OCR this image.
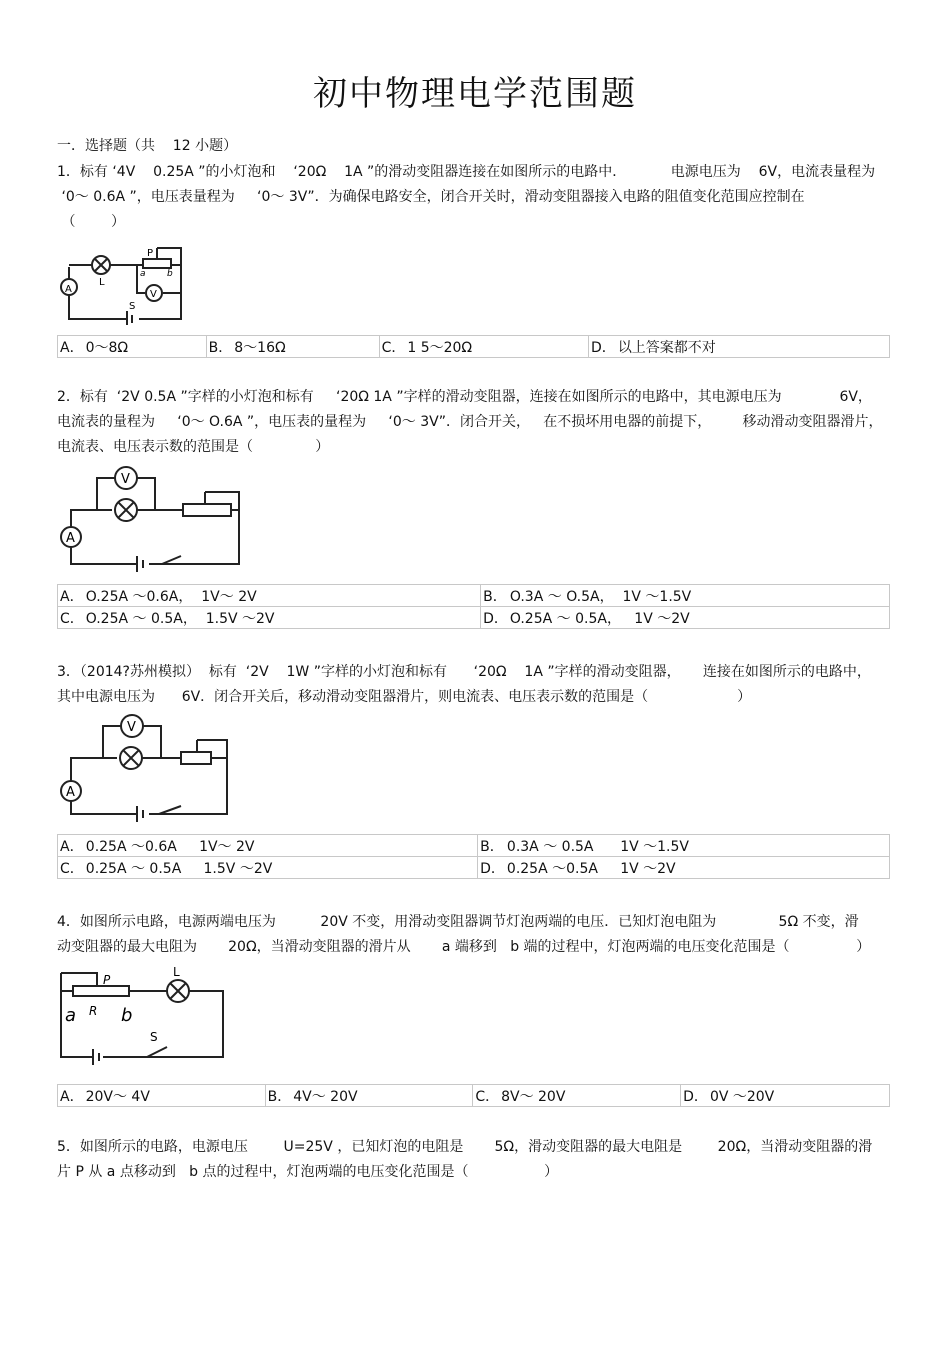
初中物理电学范围题
一．选择题（共    12 小题）

1．标有 ‘4V    0.25A ”的小灯泡和    ‘20Ω    1A ”的滑动变阻器连接在如图所示的电路中．          电源电压为    6V，电流表量程为

‘0～ 0.6A ”，电压表量程为     ‘0～ 3V”．为确保电路安全，闭合开关时，滑动变阻器接入电路的阻值变化范围应控制在

（        ）

A	V
L
S
P
a b
A．	0～8Ω	B．	8～16Ω	C．	1 5～20Ω	D．	以上答案都不对

2．标有  ‘2V 0.5A ”字样的小灯泡和标有     ‘20Ω 1A ”字样的滑动变阻器，连接在如图所示的电路中，其电源电压为             6V，

电流表的量程为     ‘0～ O.6A ”，电压表的量程为     ‘0～ 3V”．闭合开关，   在不损坏用电器的前提下，       移动滑动变阻器滑片，

电流表、电压表示数的范围是（              ）

A
V
A．	O.25A ～0.6A，  1V～ 2V	B．	O.3A ～ O.5A，  1V ～1.5V
C．	O.25A ～ 0.5A，  1.5V ～2V	D．	O.25A ～ 0.5A，   1V ～2V

3．（2014?苏州模拟）  标有  ‘2V    1W ”字样的小灯泡和标有      ‘20Ω    1A ”字样的滑动变阻器，     连接在如图所示的电路中，

其中电源电压为      6V．闭合开关后，移动滑动变阻器滑片，则电流表、电压表示数的范围是（                    ）

A
V
A．	0.25A ～0.6A     1V～ 2V	B．	0.3A ～ 0.5A      1V ～1.5V
C．	0.25A ～ 0.5A     1.5V ～2V	D．	0.25A ～0.5A     1V ～2V

4．如图所示电路，电源两端电压为          20V 不变，用滑动变阻器调节灯泡两端的电压．已知灯泡电阻为              5Ω 不变，滑

动变阻器的最大电阻为       20Ω，当滑动变阻器的滑片从       a 端移到   b 端的过程中，灯泡两端的电压变化范围是（               ）

P
L
a R b
S
A．	20V～ 4V	B．	4V～ 20V	C．	8V～ 20V	D．	0V ～20V

5．如图所示的电路，电源电压        U=25V ，已知灯泡的电阻是       5Ω，滑动变阻器的最大电阻是        20Ω，当滑动变阻器的滑

片 P 从 a 点移动到   b 点的过程中，灯泡两端的电压变化范围是（                 ）
